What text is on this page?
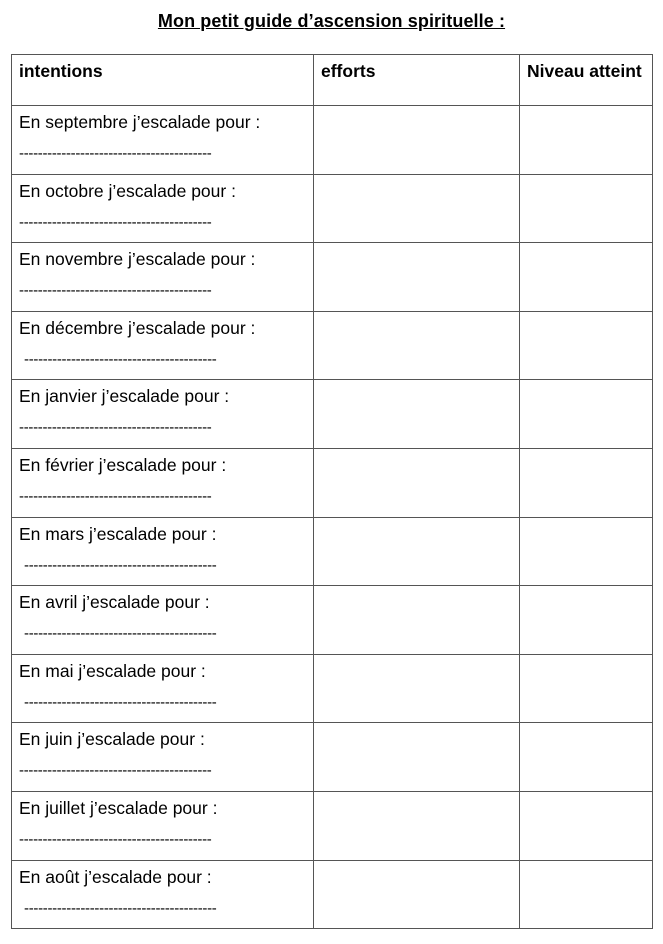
Mon petit guide d’ascension spirituelle :
intentions	efforts	Niveau atteint

En septembre j’escalade pour :
-----------------------------------------		

En octobre j’escalade pour :
-----------------------------------------		

En novembre j’escalade pour :
-----------------------------------------		

En décembre j’escalade pour :
-----------------------------------------		

En janvier j’escalade pour :
-----------------------------------------		

En février j’escalade pour :
-----------------------------------------		

En mars j’escalade pour :
-----------------------------------------		

En avril j’escalade pour :
-----------------------------------------		

En mai j’escalade pour :
-----------------------------------------		

En juin j’escalade pour :
-----------------------------------------		

En juillet j’escalade pour :
-----------------------------------------		

En août j’escalade pour :
-----------------------------------------		
